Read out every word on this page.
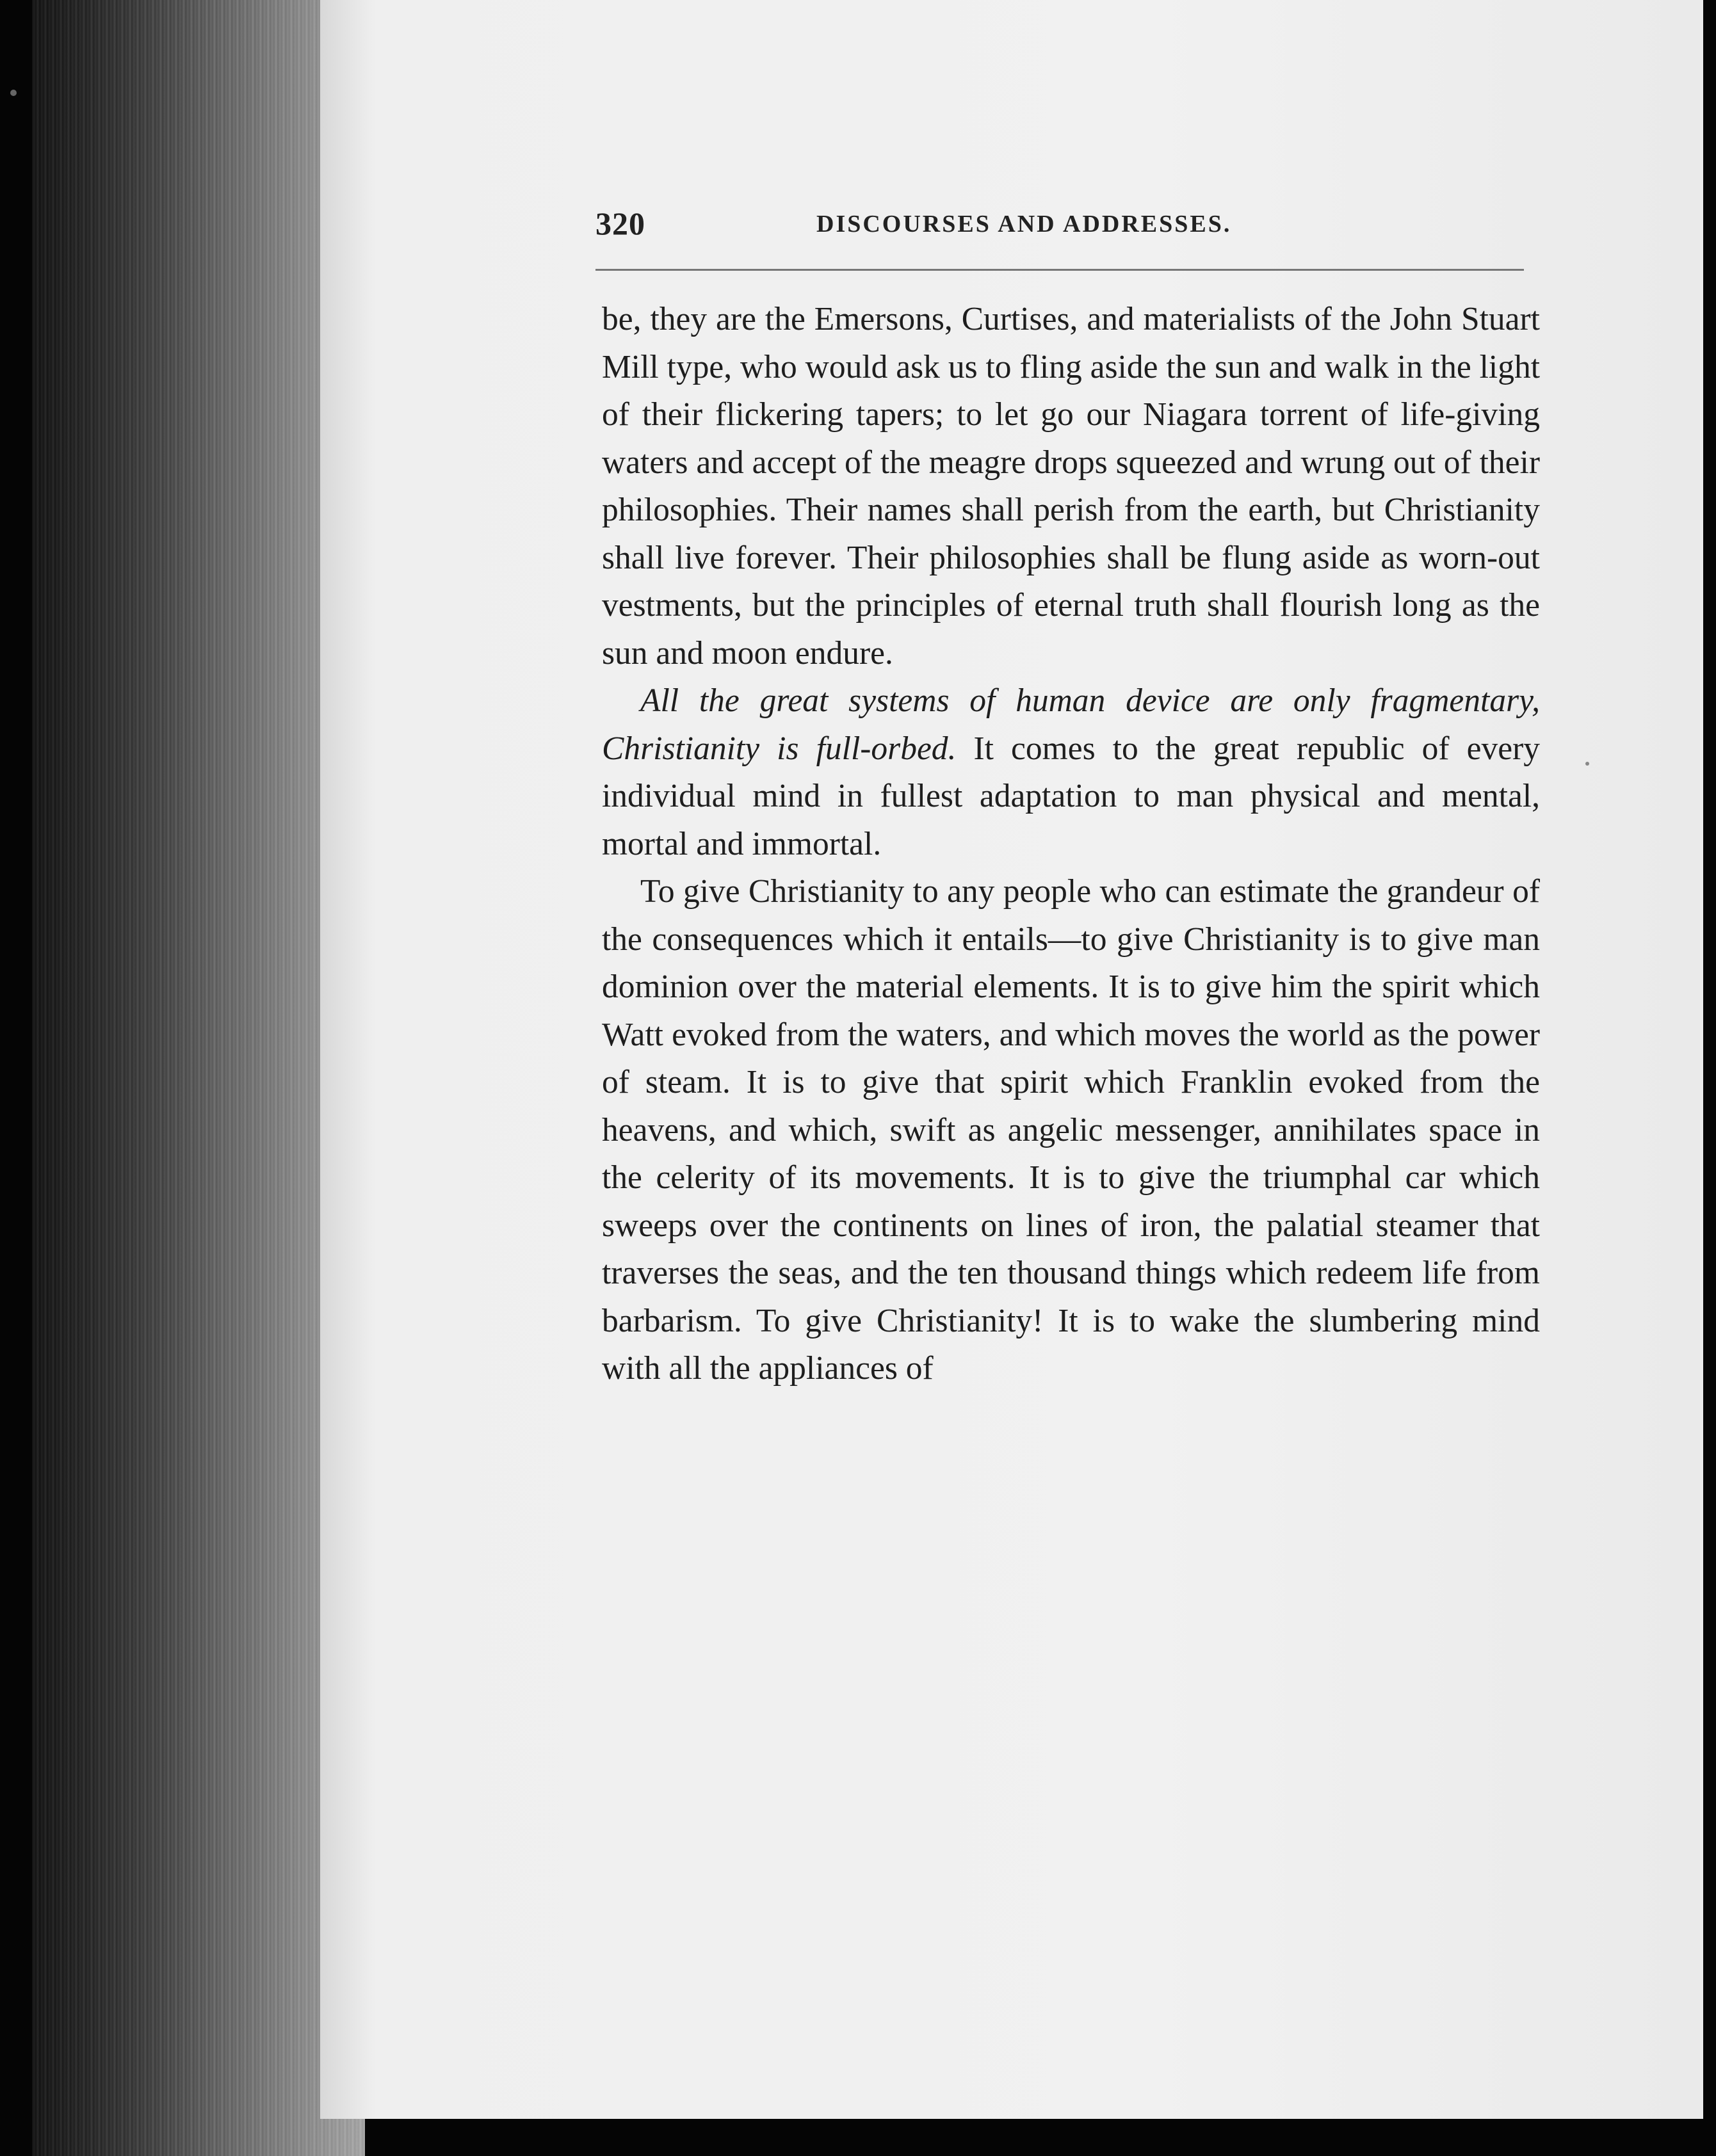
320	DISCOURSES AND ADDRESSES.

be, they are the Emersons, Curtises, and materialists of the John Stuart Mill type, who would ask us to fling aside the sun and walk in the light of their flickering tapers; to let go our Niagara torrent of life-giving waters and accept of the meagre drops squeezed and wrung out of their philosophies. Their names shall perish from the earth, but Christianity shall live forever. Their philosophies shall be flung aside as worn-out vestments, but the principles of eternal truth shall flourish long as the sun and moon endure.

All the great systems of human device are only fragmentary, Christianity is full-orbed. It comes to the great republic of every individual mind in fullest adaptation to man physical and mental, mortal and immortal.

To give Christianity to any people who can estimate the grandeur of the consequences which it entails—to give Christianity is to give man dominion over the material elements. It is to give him the spirit which Watt evoked from the waters, and which moves the world as the power of steam. It is to give that spirit which Franklin evoked from the heavens, and which, swift as angelic messenger, annihilates space in the celerity of its movements. It is to give the triumphal car which sweeps over the continents on lines of iron, the palatial steamer that traverses the seas, and the ten thousand things which redeem life from barbarism. To give Christianity! It is to wake the slumbering mind with all the appliances of
